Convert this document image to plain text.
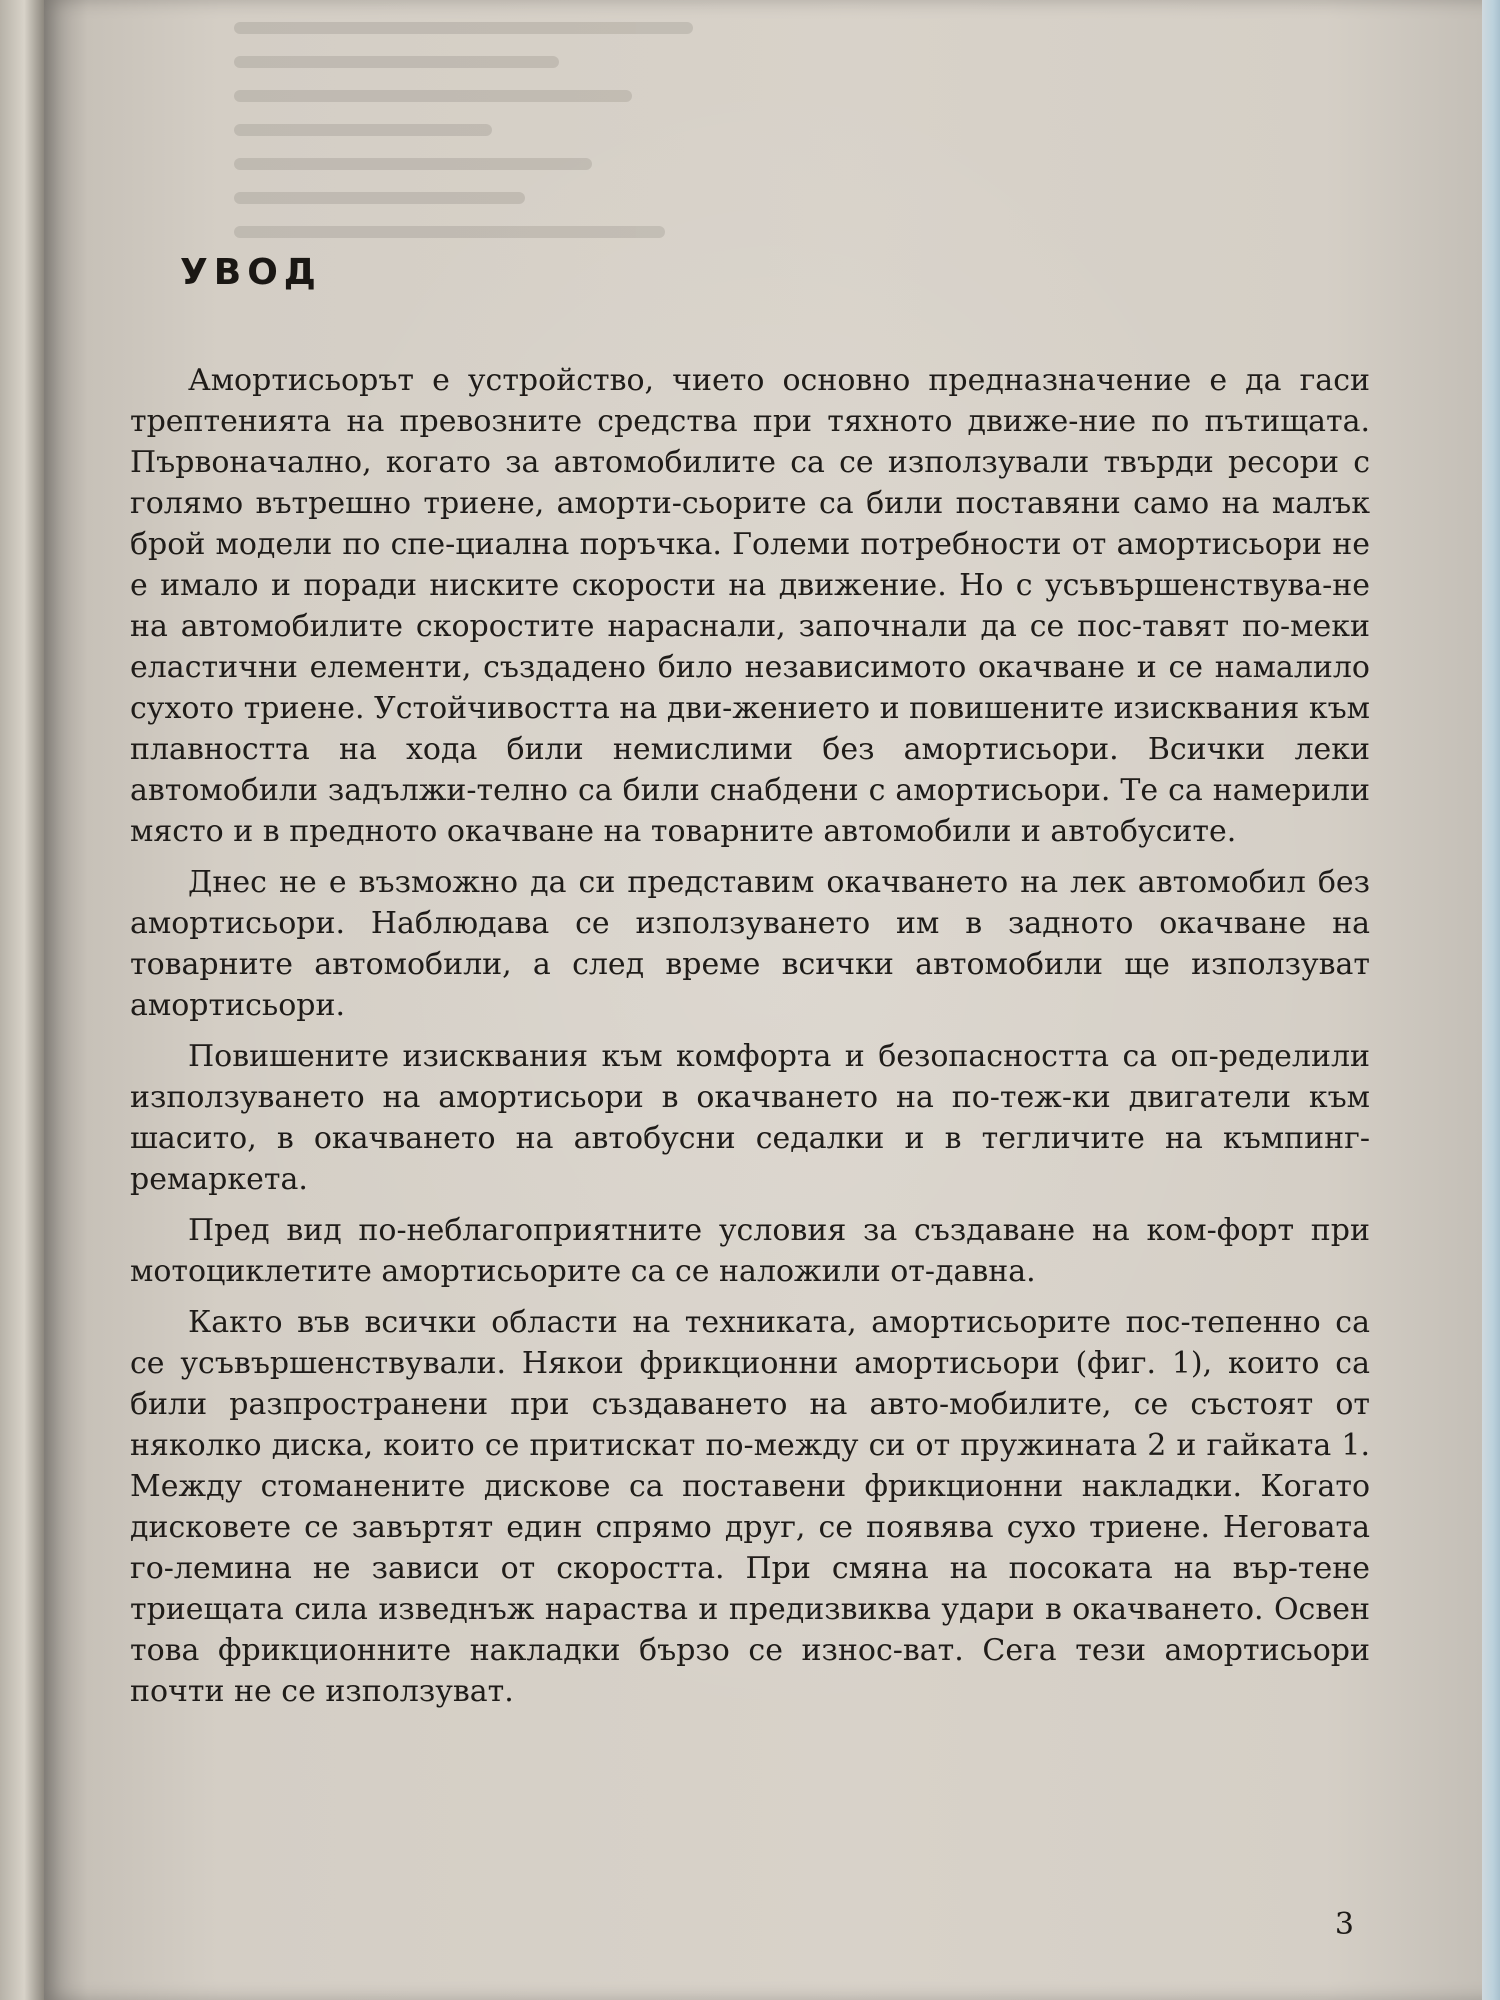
УВОД

Амортисьорът е устройство, чието основно предназначение е да гаси трептенията на превозните средства при тяхното движе-ние по пътищата. Първоначално, когато за автомобилите са се използували твърди ресори с голямо вътрешно триене, аморти-сьорите са били поставяни само на малък брой модели по спе-циална поръчка. Големи потребности от амортисьори не е имало и поради ниските скорости на движение. Но с усъвършенствува-не на автомобилите скоростите нараснали, започнали да се пос-тавят по-меки еластични елементи, създадено било независимото окачване и се намалило сухото триене. Устойчивостта на дви-жението и повишените изисквания към плавността на хода били немислими без амортисьори. Всички леки автомобили задължи-телно са били снабдени с амортисьори. Те са намерили място и в предното окачване на товарните автомобили и автобусите.

Днес не е възможно да си представим окачването на лек автомобил без амортисьори. Наблюдава се използуването им в задното окачване на товарните автомобили, а след време всички автомобили ще използуват амортисьори.

Повишените изисквания към комфорта и безопасността са оп-ределили използуването на амортисьори в окачването на по-теж-ки двигатели към шасито, в окачването на автобусни седалки и в тегличите на къмпинг-ремаркета.

Пред вид по-неблагоприятните условия за създаване на ком-форт при мотоциклетите амортисьорите са се наложили от-давна.

Както във всички области на техниката, амортисьорите пос-тепенно са се усъвършенствували. Някои фрикционни амортисьори (фиг. 1), които са били разпространени при създаването на авто-мобилите, се състоят от няколко диска, които се притискат по-между си от пружината 2 и гайката 1. Между стоманените дискове са поставени фрикционни накладки. Когато дисковете се завъртят един спрямо друг, се появява сухо триене. Неговата го-лемина не зависи от скоростта. При смяна на посоката на вър-тене триещата сила изведнъж нараства и предизвиква удари в окачването. Освен това фрикционните накладки бързо се износ-ват. Сега тези амортисьори почти не се използуват.

3
